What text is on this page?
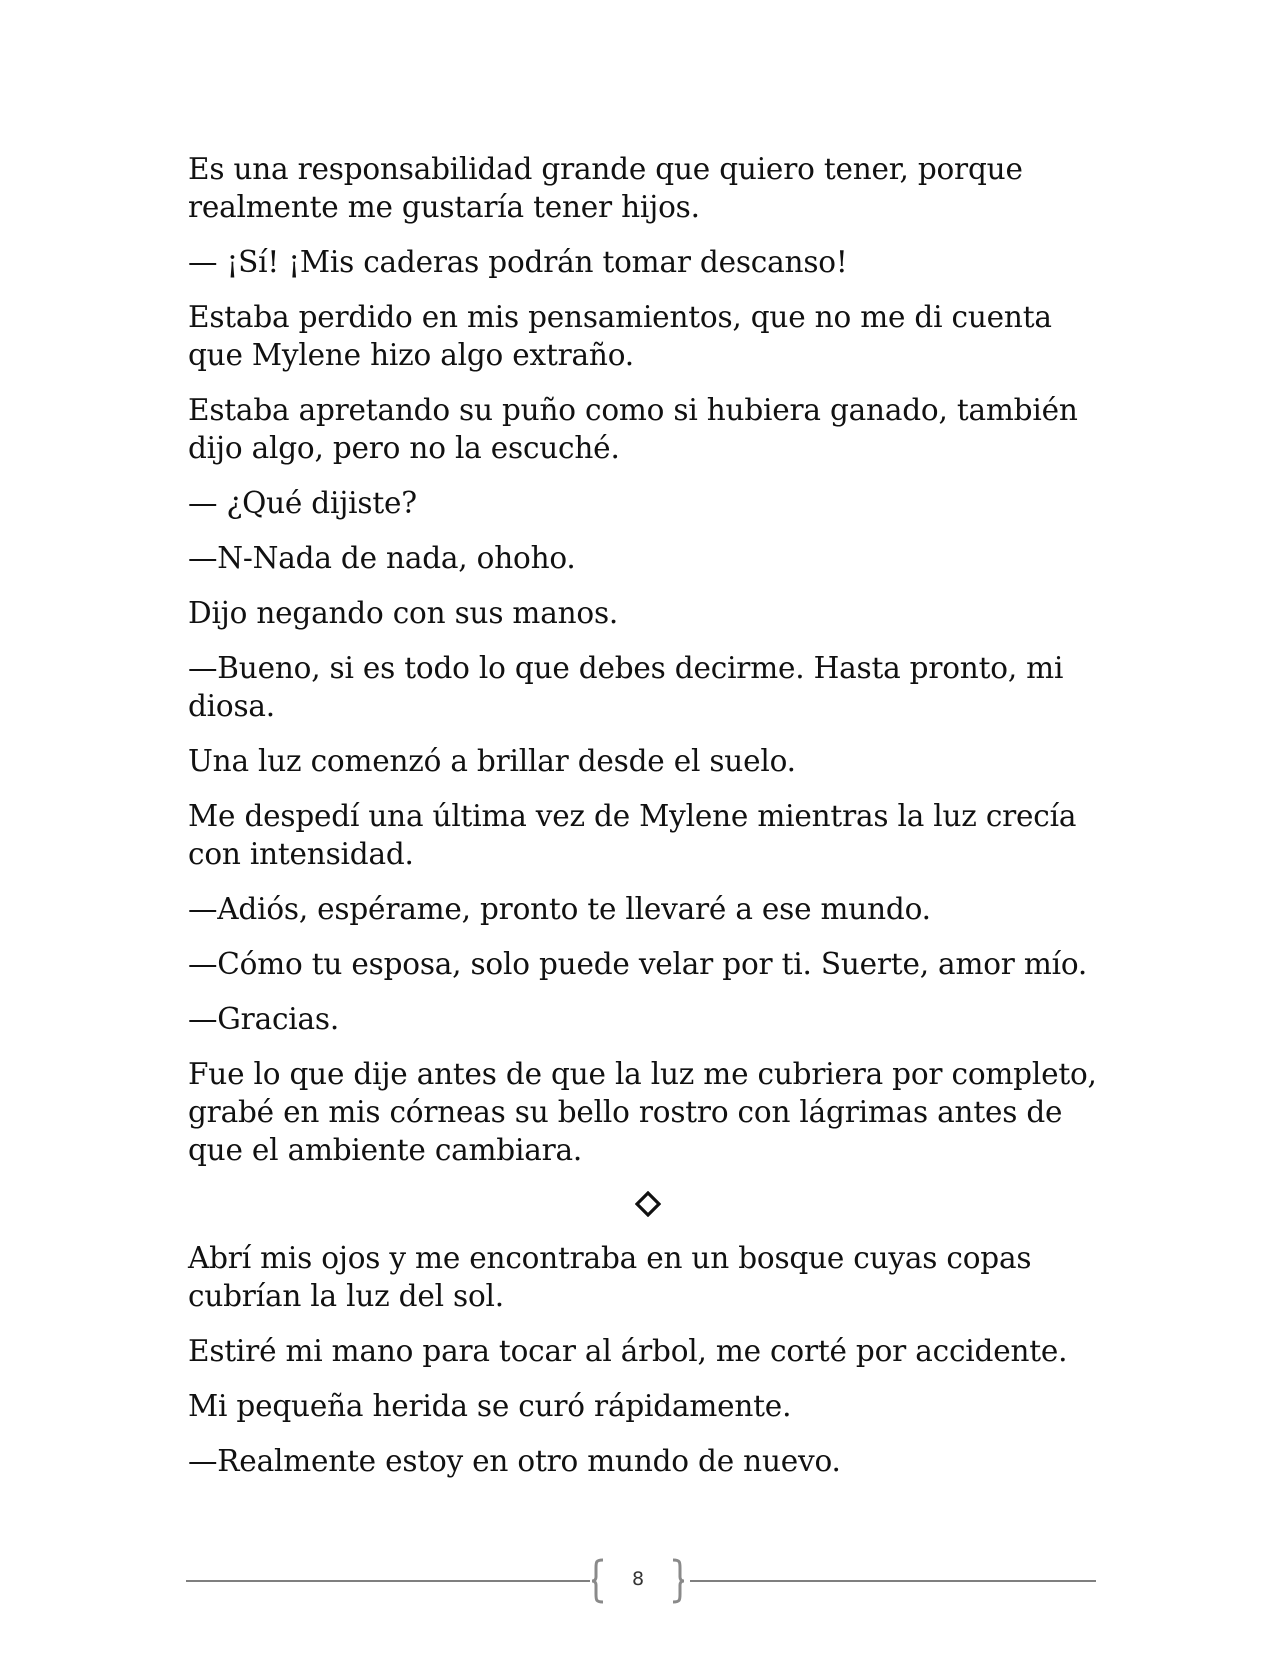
Es una responsabilidad grande que quiero tener, porque realmente me gustaría tener hijos.

— ¡Sí! ¡Mis caderas podrán tomar descanso!

Estaba perdido en mis pensamientos, que no me di cuenta que Mylene hizo algo extraño.

Estaba apretando su puño como si hubiera ganado, también dijo algo, pero no la escuché.

— ¿Qué dijiste?

—N-Nada de nada, ohoho.

Dijo negando con sus manos.

—Bueno, si es todo lo que debes decirme. Hasta pronto, mi diosa.

Una luz comenzó a brillar desde el suelo.

Me despedí una última vez de Mylene mientras la luz crecía con intensidad.

—Adiós, espérame, pronto te llevaré a ese mundo.

—Cómo tu esposa, solo puede velar por ti. Suerte, amor mío.

—Gracias.

Fue lo que dije antes de que la luz me cubriera por completo, grabé en mis córneas su bello rostro con lágrimas antes de que el ambiente cambiara.

Abrí mis ojos y me encontraba en un bosque cuyas copas cubrían la luz del sol.

Estiré mi mano para tocar al árbol, me corté por accidente.

Mi pequeña herida se curó rápidamente.

—Realmente estoy en otro mundo de nuevo.

8
